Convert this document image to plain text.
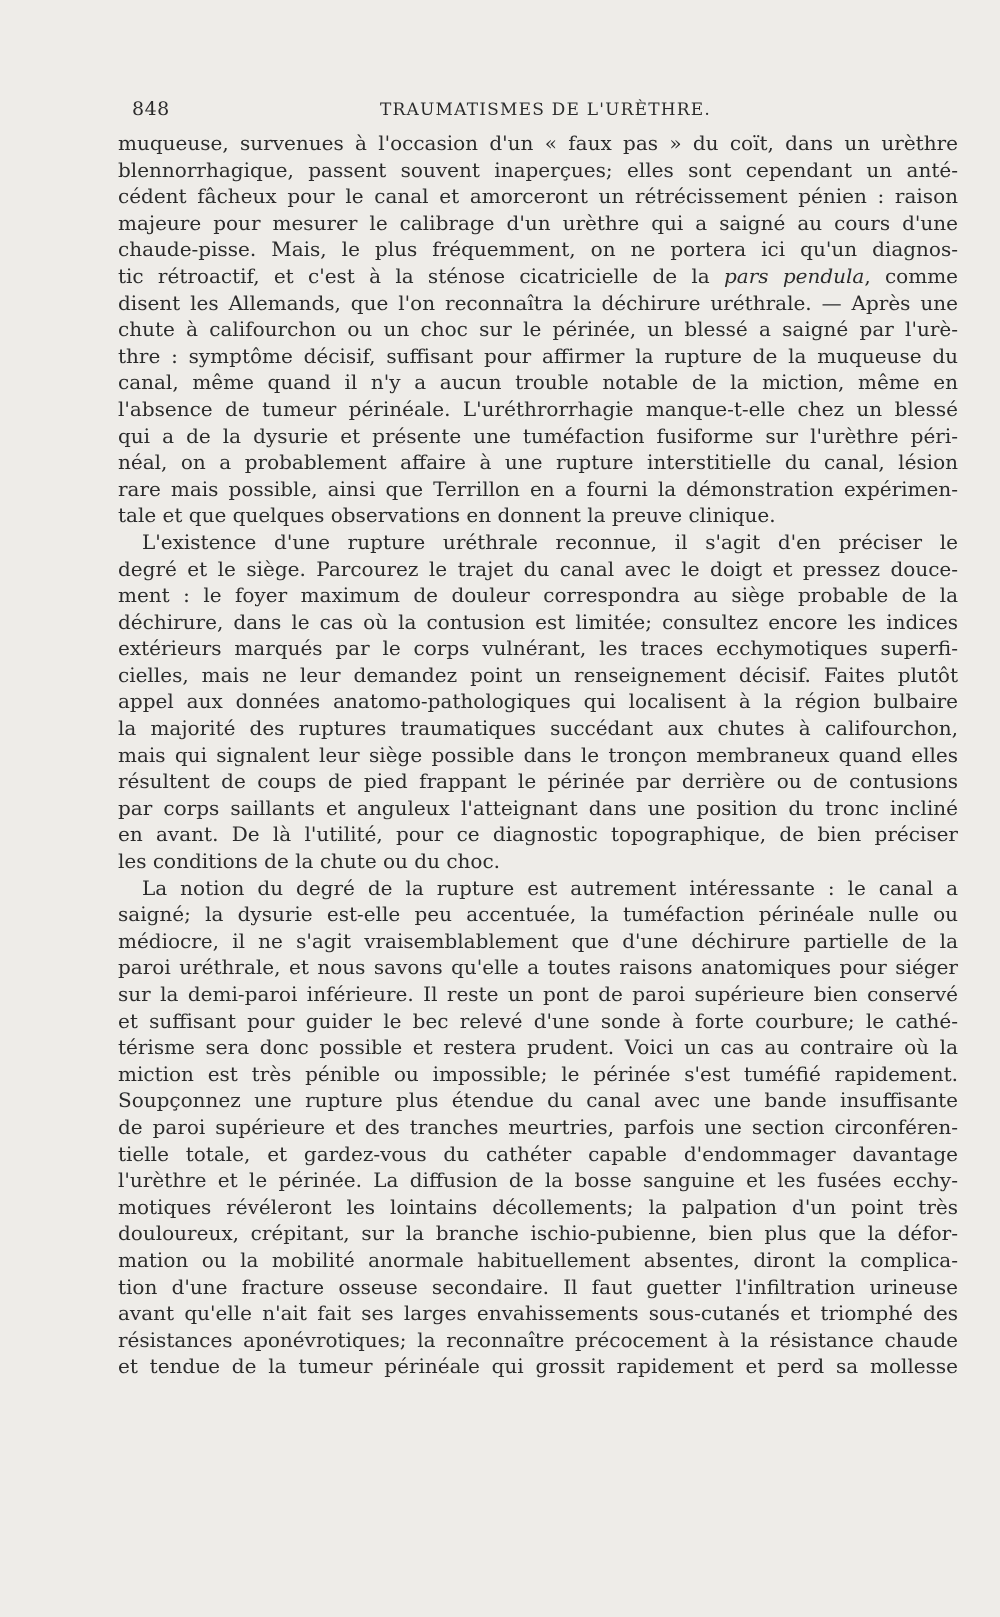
848	TRAUMATISMES DE L'URÈTHRE.
muqueuse, survenues à l'occasion d'un « faux pas » du coït, dans un urèthre
blennorrhagique, passent souvent inaperçues; elles sont cependant un anté-
cédent fâcheux pour le canal et amorceront un rétrécissement pénien : raison
majeure pour mesurer le calibrage d'un urèthre qui a saigné au cours d'une
chaude-pisse. Mais, le plus fréquemment, on ne portera ici qu'un diagnos-
tic rétroactif, et c'est à la sténose cicatricielle de la pars pendula, comme
disent les Allemands, que l'on reconnaîtra la déchirure uréthrale. — Après une
chute à califourchon ou un choc sur le périnée, un blessé a saigné par l'urè-
thre : symptôme décisif, suffisant pour affirmer la rupture de la muqueuse du
canal, même quand il n'y a aucun trouble notable de la miction, même en
l'absence de tumeur périnéale. L'uréthrorrhagie manque-t-elle chez un blessé
qui a de la dysurie et présente une tuméfaction fusiforme sur l'urèthre péri-
néal, on a probablement affaire à une rupture interstitielle du canal, lésion
rare mais possible, ainsi que Terrillon en a fourni la démonstration expérimen-
tale et que quelques observations en donnent la preuve clinique.
L'existence d'une rupture uréthrale reconnue, il s'agit d'en préciser le
degré et le siège. Parcourez le trajet du canal avec le doigt et pressez douce-
ment : le foyer maximum de douleur correspondra au siège probable de la
déchirure, dans le cas où la contusion est limitée; consultez encore les indices
extérieurs marqués par le corps vulnérant, les traces ecchymotiques superfi-
cielles, mais ne leur demandez point un renseignement décisif. Faites plutôt
appel aux données anatomo-pathologiques qui localisent à la région bulbaire
la majorité des ruptures traumatiques succédant aux chutes à califourchon,
mais qui signalent leur siège possible dans le tronçon membraneux quand elles
résultent de coups de pied frappant le périnée par derrière ou de contusions
par corps saillants et anguleux l'atteignant dans une position du tronc incliné
en avant. De là l'utilité, pour ce diagnostic topographique, de bien préciser
les conditions de la chute ou du choc.
La notion du degré de la rupture est autrement intéressante : le canal a
saigné; la dysurie est-elle peu accentuée, la tuméfaction périnéale nulle ou
médiocre, il ne s'agit vraisemblablement que d'une déchirure partielle de la
paroi uréthrale, et nous savons qu'elle a toutes raisons anatomiques pour siéger
sur la demi-paroi inférieure. Il reste un pont de paroi supérieure bien conservé
et suffisant pour guider le bec relevé d'une sonde à forte courbure; le cathé-
térisme sera donc possible et restera prudent. Voici un cas au contraire où la
miction est très pénible ou impossible; le périnée s'est tuméfié rapidement.
Soupçonnez une rupture plus étendue du canal avec une bande insuffisante
de paroi supérieure et des tranches meurtries, parfois une section circonféren-
tielle totale, et gardez-vous du cathéter capable d'endommager davantage
l'urèthre et le périnée. La diffusion de la bosse sanguine et les fusées ecchy-
motiques révéleront les lointains décollements; la palpation d'un point très
douloureux, crépitant, sur la branche ischio-pubienne, bien plus que la défor-
mation ou la mobilité anormale habituellement absentes, diront la complica-
tion d'une fracture osseuse secondaire. Il faut guetter l'infiltration urineuse
avant qu'elle n'ait fait ses larges envahissements sous-cutanés et triomphé des
résistances aponévrotiques; la reconnaître précocement à la résistance chaude
et tendue de la tumeur périnéale qui grossit rapidement et perd sa mollesse
